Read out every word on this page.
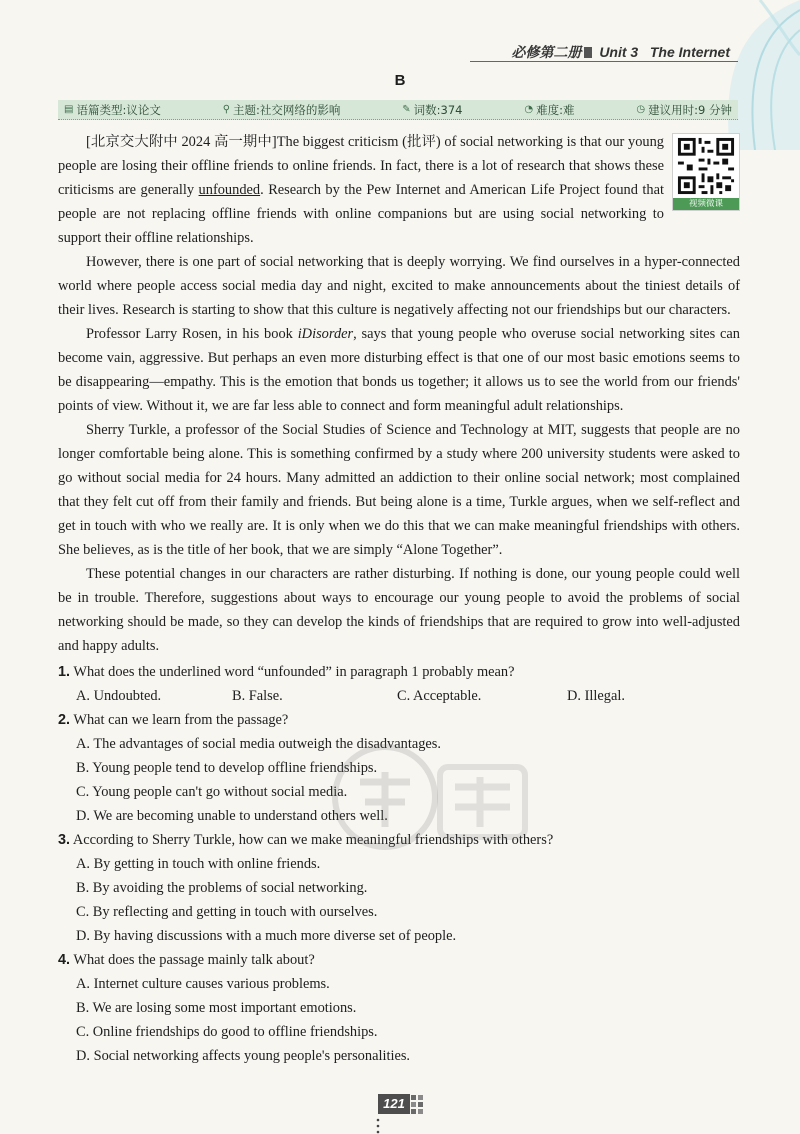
必修第二册 Unit 3 The Internet
B
▤ 语篇类型:议论文	⚲ 主题:社交网络的影响	✎ 词数:374	◔ 难度:难	◷ 建议用时:9 分钟
视频微课

[北京交大附中 2024 高一期中]The biggest criticism (批评) of social networking is that our young people are losing their offline friends to online friends. In fact, there is a lot of research that shows these criticisms are generally unfounded. Research by the Pew Internet and American Life Project found that people are not replacing offline friends with online companions but are using social networking to support their offline relationships.

However, there is one part of social networking that is deeply worrying. We find ourselves in a hyper-connected world where people access social media day and night, excited to make announcements about the tiniest details of their lives. Research is starting to show that this culture is negatively affecting not our friendships but our characters.

Professor Larry Rosen, in his book iDisorder, says that young people who overuse social networking sites can become vain, aggressive. But perhaps an even more disturbing effect is that one of our most basic emotions seems to be disappearing—empathy. This is the emotion that bonds us together; it allows us to see the world from our friends' points of view. Without it, we are far less able to connect and form meaningful adult relationships.

Sherry Turkle, a professor of the Social Studies of Science and Technology at MIT, suggests that people are no longer comfortable being alone. This is something confirmed by a study where 200 university students were asked to go without social media for 24 hours. Many admitted an addiction to their online social network; most complained that they felt cut off from their family and friends. But being alone is a time, Turkle argues, when we self-reflect and get in touch with who we really are. It is only when we do this that we can make meaningful friendships with others. She believes, as is the title of her book, that we are simply “Alone Together”.

These potential changes in our characters are rather disturbing. If nothing is done, our young people could well be in trouble. Therefore, suggestions about ways to encourage our young people to avoid the problems of social networking should be made, so they can develop the kinds of friendships that are required to grow into well-adjusted and happy adults.

1. What does the underlined word “unfounded” in paragraph 1 probably mean?
A. Undoubted.	B. False.	C. Acceptable.	D. Illegal.
2. What can we learn from the passage?
A. The advantages of social media outweigh the disadvantages.
B. Young people tend to develop offline friendships.
C. Young people can't go without social media.
D. We are becoming unable to understand others well.
3. According to Sherry Turkle, how can we make meaningful friendships with others?
A. By getting in touch with online friends.
B. By avoiding the problems of social networking.
C. By reflecting and getting in touch with ourselves.
D. By having discussions with a much more diverse set of people.
4. What does the passage mainly talk about?
A. Internet culture causes various problems.
B. We are losing some most important emotions.
C. Online friendships do good to offline friendships.
D. Social networking affects young people's personalities.
121
